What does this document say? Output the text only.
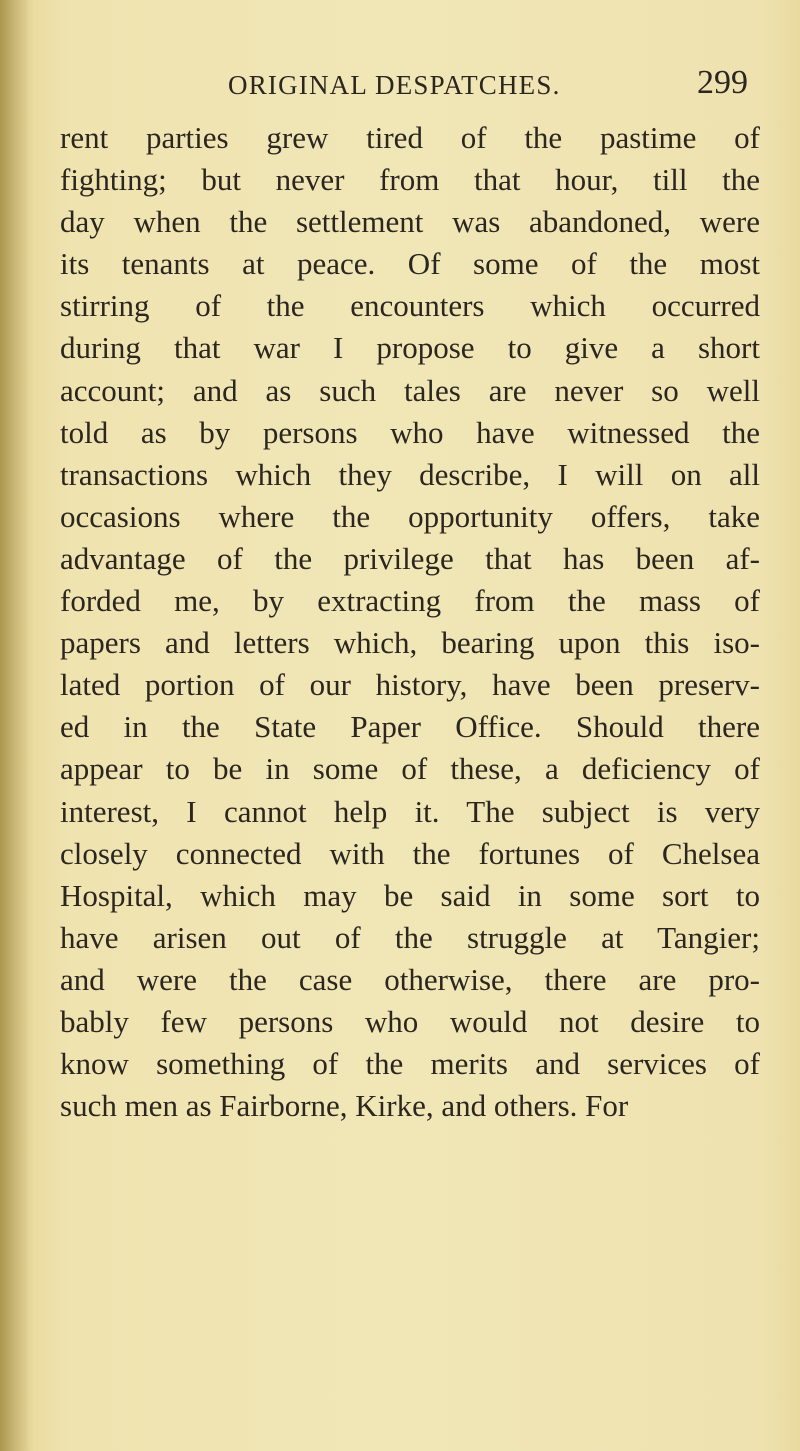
ORIGINAL DESPATCHES.	299
rent parties grew tired of the pastime of
fighting; but never from that hour, till the
day when the settlement was abandoned, were
its tenants at peace. Of some of the most
stirring of the encounters which occurred
during that war I propose to give a short
account; and as such tales are never so well
told as by persons who have witnessed the
transactions which they describe, I will on all
occasions where the opportunity offers, take
advantage of the privilege that has been af-
forded me, by extracting from the mass of
papers and letters which, bearing upon this iso-
lated portion of our history, have been preserv-
ed in the State Paper Office. Should there
appear to be in some of these, a deficiency of
interest, I cannot help it. The subject is very
closely connected with the fortunes of Chelsea
Hospital, which may be said in some sort to
have arisen out of the struggle at Tangier;
and were the case otherwise, there are pro-
bably few persons who would not desire to
know something of the merits and services of
such men as Fairborne, Kirke, and others. For
